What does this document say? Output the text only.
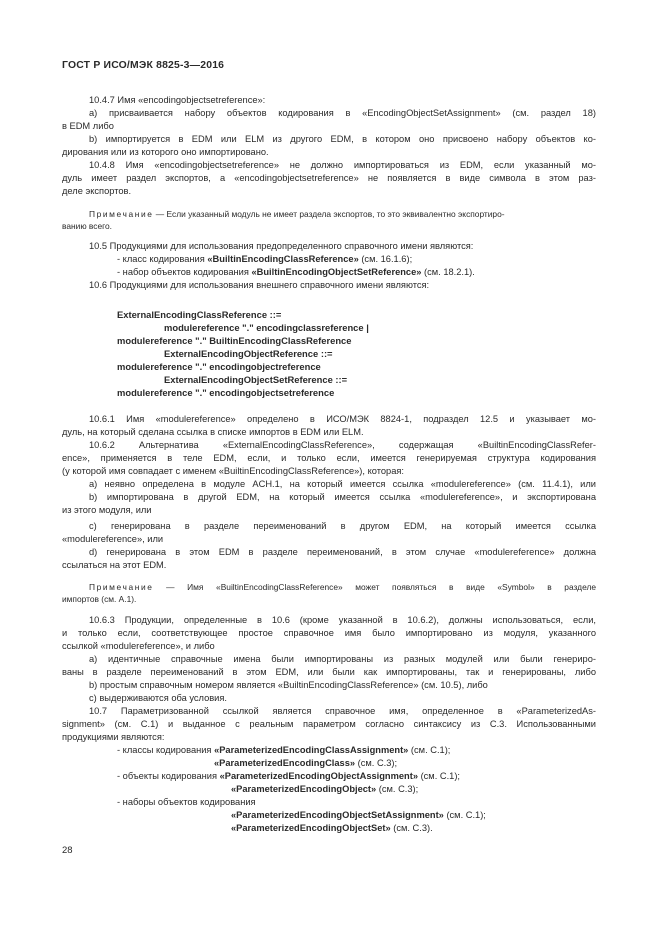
ГОСТ Р ИСО/МЭК 8825-3—2016

10.4.7 Имя «encodingobjectsetreference»:

а) присваивается набору объектов кодирования в «EncodingObjectSetAssignment» (см. раздел 18)

в EDM либо

b) импортируется в EDM или ELM из другого EDM, в котором оно присвоено набору объектов ко-

дирования или из которого оно импортировано.

10.4.8 Имя «encodingobjectsetreference» не должно импортироваться из EDM, если указанный мо-

дуль имеет раздел экспортов, а «encodingobjectsetreference» не появляется в виде символа в этом раз-

деле экспортов.

Примечание — Если указанный модуль не имеет раздела экспортов, то это эквивалентно экспортиро-

ванию всего.

10.5 Продукциями для использования предопределенного справочного имени являются:

- класс кодирования «BuiltinEncodingClassReference» (см. 16.1.6);

- набор объектов кодирования «BuiltinEncodingObjectSetReference» (см. 18.2.1).

10.6 Продукциями для использования внешнего справочного имени являются:

ExternalEncodingClassReference ::=

modulereference "." encodingclassreference |

modulereference "." BuiltinEncodingClassReference

ExternalEncodingObjectReference ::=

modulereference "." encodingobjectreference

ExternalEncodingObjectSetReference ::=

modulereference "." encodingobjectsetreference

10.6.1 Имя «modulereference» определено в ИСО/МЭК 8824-1, подраздел 12.5 и указывает мо-

дуль, на который сделана ссылка в списке импортов в EDM или ELM.

10.6.2 Альтернатива «ExternalEncodingClassReference», содержащая «BuiltinEncodingClassRefer-

ence», применяется в теле EDM, если, и только если, имеется генерируемая структура кодирования

(у которой имя совпадает с именем «BuiltinEncodingClassReference»), которая:

а) неявно определена в модуле ACH.1, на который имеется ссылка «modulereference» (см. 11.4.1), или

b) импортирована в другой EDM, на который имеется ссылка «modulereference», и экспортирована

из этого модуля, или

с) генерирована в разделе переименований в другом EDM, на который имеется ссылка

«modulereference», или

d) генерирована в этом EDM в разделе переименований, в этом случае «modulereference» должна

ссылаться на этот EDM.

Примечание — Имя «BuiltinEncodingClassReference» может появляться в виде «Symbol» в разделе

импортов (см. А.1).

10.6.3 Продукции, определенные в 10.6 (кроме указанной в 10.6.2), должны использоваться, если,

и только если, соответствующее простое справочное имя было импортировано из модуля, указанного

ссылкой «modulereference», и либо

а) идентичные справочные имена были импортированы из разных модулей или были генериро-

ваны в разделе переименований в этом EDM, или были как импортированы, так и генерированы, либо

b) простым справочным номером является «BuiltinEncodingClassReference» (см. 10.5), либо

с) выдерживаются оба условия.

10.7 Параметризованной ссылкой является справочное имя, определенное в «ParameterizedAs-

signment» (см. С.1) и выданное с реальным параметром согласно синтаксису из С.3. Использованными

продукциями являются:

- классы кодирования «ParameterizedEncodingClassAssignment» (см. С.1);

«ParameterizedEncodingClass» (см. С.3);

- объекты кодирования «ParameterizedEncodingObjectAssignment» (см. С.1);

«ParameterizedEncodingObject» (см. С.3);

- наборы объектов кодирования

«ParameterizedEncodingObjectSetAssignment» (см. С.1);

«ParameterizedEncodingObjectSet» (см. С.3).

28
